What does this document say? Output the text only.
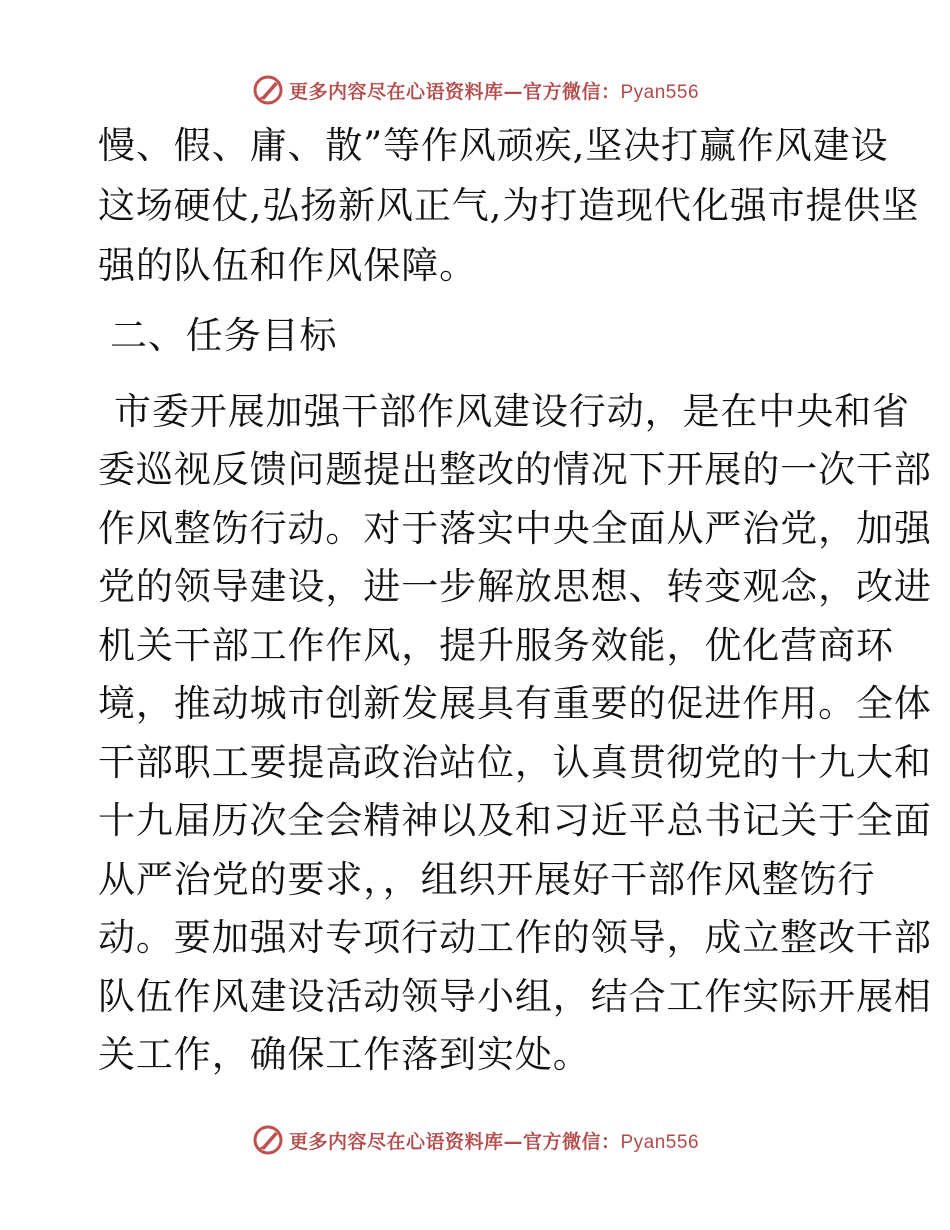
更多内容尽在心语资料库—官方微信：Pyan556
慢、假、庸、散”等作风顽疾,坚决打赢作风建设
这场硬仗,弘扬新风正气,为打造现代化强市提供坚
强的队伍和作风保障。
二、任务目标
市委开展加强干部作风建设行动，是在中央和省
委巡视反馈问题提出整改的情况下开展的一次干部
作风整饬行动。对于落实中央全面从严治党，加强
党的领导建设，进一步解放思想、转变观念，改进
机关干部工作作风，提升服务效能，优化营商环
境，推动城市创新发展具有重要的促进作用。全体
干部职工要提高政治站位，认真贯彻党的十九大和
十九届历次全会精神以及和习近平总书记关于全面
从严治党的要求，，组织开展好干部作风整饬行
动。要加强对专项行动工作的领导，成立整改干部
队伍作风建设活动领导小组，结合工作实际开展相
关工作，确保工作落到实处。
更多内容尽在心语资料库—官方微信：Pyan556
